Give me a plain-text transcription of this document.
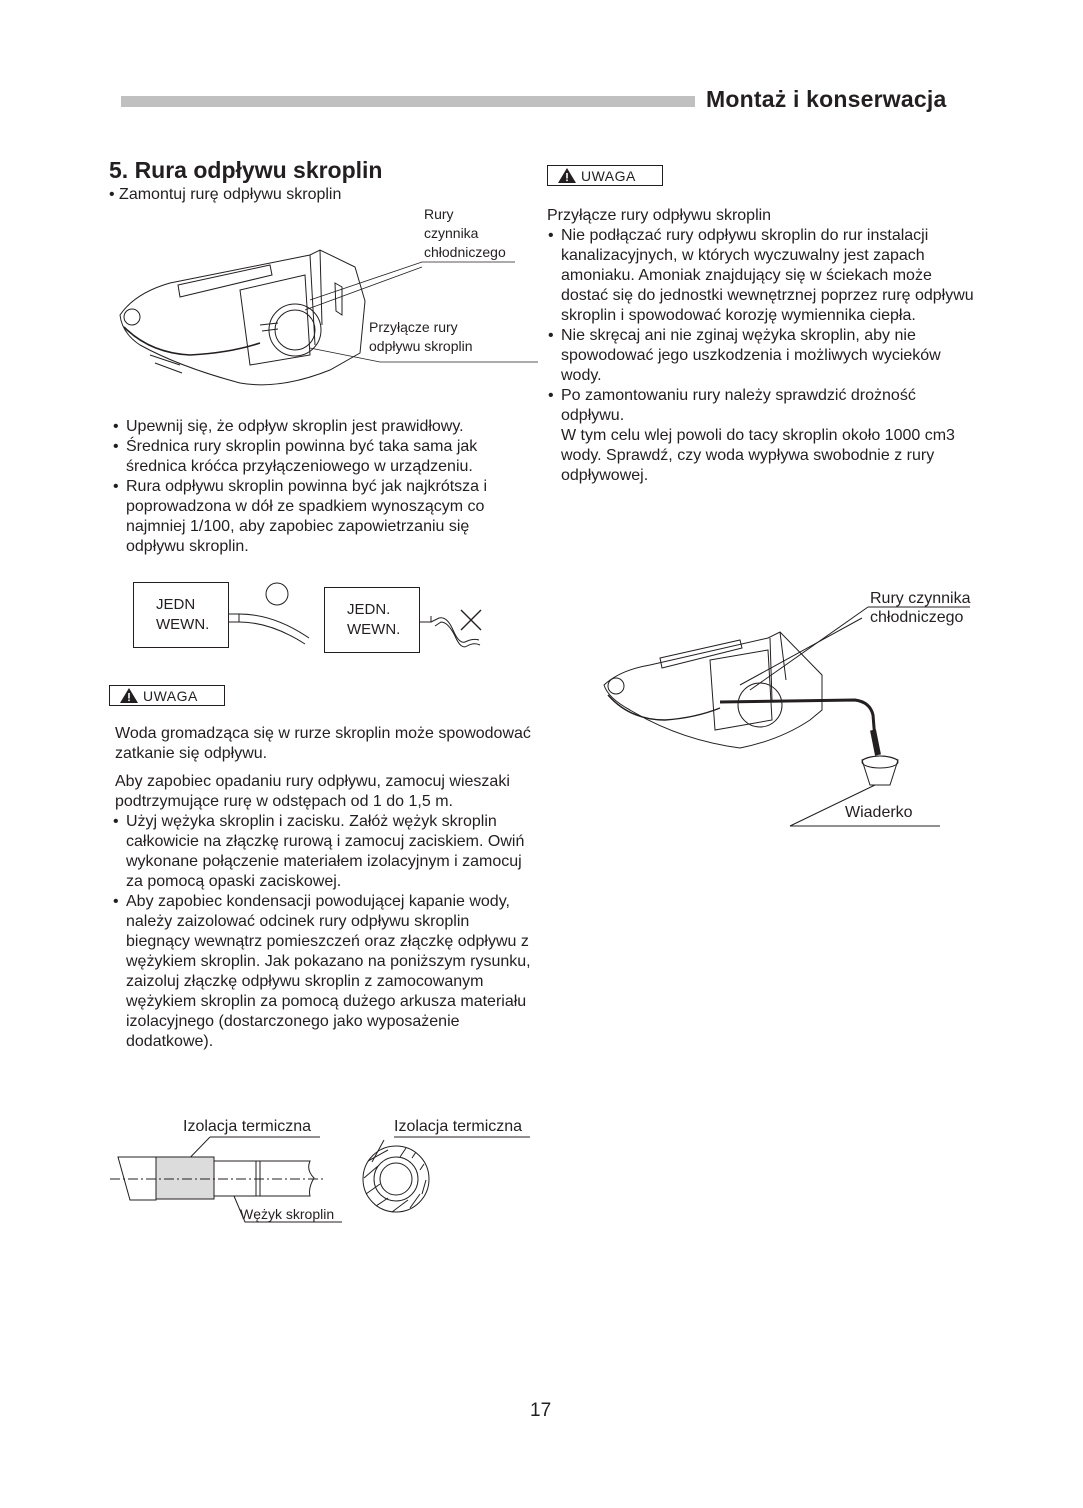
Montaż i konserwacja
5. Rura odpływu skroplin
• Zamontuj rurę odpływu skroplin
Rury
czynnika
chłodniczego
Przyłącze rury
odpływu skroplin
• Upewnij się, że odpływ skroplin jest prawidłowy.
• Średnica rury skroplin powinna być taka sama jak średnica króćca przyłączeniowego w urządzeniu.
• Rura odpływu skroplin powinna być jak najkrótsza i poprowadzona w dół ze spadkiem wynoszącym co najmniej 1/100, aby zapobiec zapowietrzaniu się odpływu skroplin.
JEDN
WEWN.
JEDN.
WEWN.
UWAGA

Woda gromadząca się w rurze skroplin może spowodować zatkanie się odpływu.

Aby zapobiec opadaniu rury odpływu, zamocuj wieszaki podtrzymujące rurę w odstępach od 1 do 1,5 m.

• Użyj wężyka skroplin i zacisku. Załóż wężyk skroplin całkowicie na złączkę rurową i zamocuj zaciskiem. Owiń wykonane połączenie materiałem izolacyjnym i zamocuj za pomocą opaski zaciskowej.
• Aby zapobiec kondensacji powodującej kapanie wody, należy zaizolować odcinek rury odpływu skroplin biegnący wewnątrz pomieszczeń oraz złączkę odpływu z wężykiem skroplin. Jak pokazano na poniższym rysunku, zaizoluj złączkę odpływu skroplin z zamocowanym wężykiem skroplin za pomocą dużego arkusza materiału izolacyjnego (dostarczonego jako wyposażenie dodatkowe).
Izolacja termiczna	Izolacja termiczna
Wężyk skroplin
UWAGA

Przyłącze rury odpływu skroplin

• Nie podłączać rury odpływu skroplin do rur instalacji kanalizacyjnych, w których wyczuwalny jest zapach amoniaku. Amoniak znajdujący się w ściekach może dostać się do jednostki wewnętrznej poprzez rurę odpływu skroplin i spowodować korozję wymiennika ciepła.
• Nie skręcaj ani nie zginaj wężyka skroplin, aby nie spowodować jego uszkodzenia i możliwych wycieków wody.
• Po zamontowaniu rury należy sprawdzić drożność odpływu.

W tym celu wlej powoli do tacy skroplin około 1000 cm3 wody. Sprawdź, czy woda wypływa swobodnie z rury odpływowej.

Rury czynnika
chłodniczego
Wiaderko
17
